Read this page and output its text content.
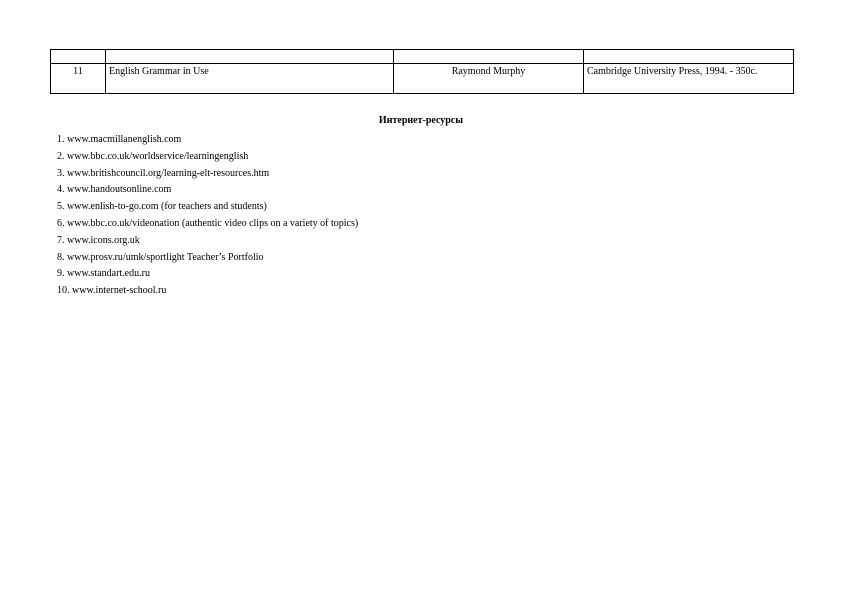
11	English Grammar in Use	Raymond Murphy	Cambridge University Press, 1994. - 350с.
Интернет-ресурсы
1. www.macmillanenglish.com
2. www.bbc.co.uk/worldservice/learningenglish
3. www.britishcouncil.org/learning-elt-resources.htm
4. www.handoutsonline.com
5. www.enlish-to-go.com (for teachers and students)
6. www.bbc.co.uk/videonation (authentic video clips on a variety of topics)
7. www.icons.org.uk
8. www.prosv.ru/umk/sportlight Teacher’s Portfolio
9. www.standart.edu.ru
10. www.internet-school.ru
